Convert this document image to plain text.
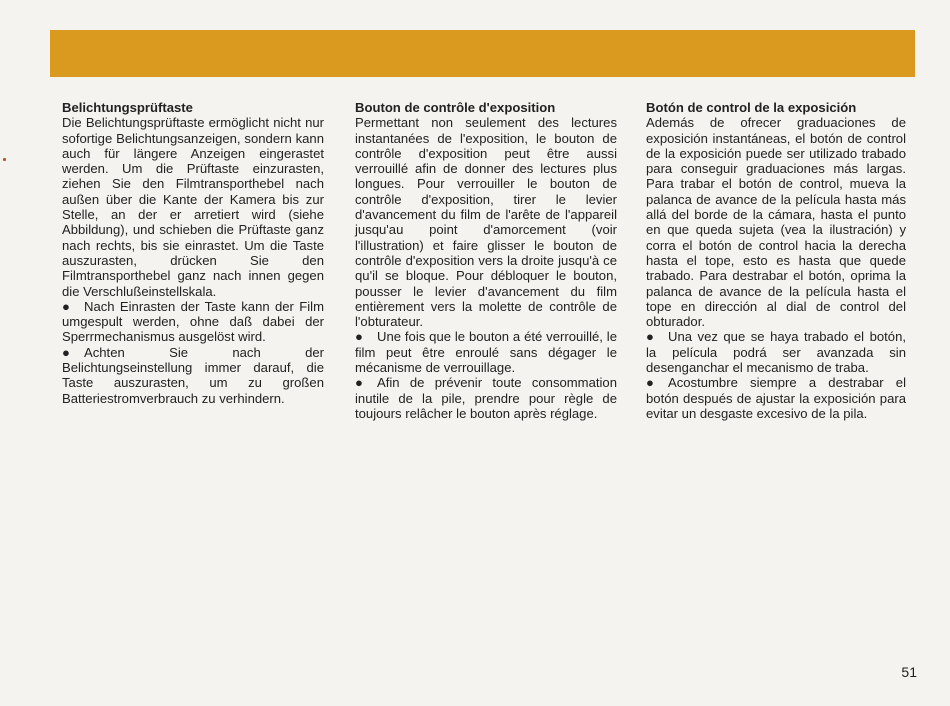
Belichtungsprüftaste
Die Belichtungsprüftaste ermöglicht nicht nur sofortige Belichtungsanzeigen, sondern kann auch für längere Anzeigen eingerastet werden. Um die Prüftaste einzurasten, ziehen Sie den Filmtransporthebel nach außen über die Kante der Kamera bis zur Stelle, an der er arretiert wird (siehe Abbildung), und schieben die Prüftaste ganz nach rechts, bis sie einrastet. Um die Taste auszurasten, drücken Sie den Filmtransporthebel ganz nach innen gegen die Verschlußeinstellskala.
● Nach Einrasten der Taste kann der Film umgespult werden, ohne daß dabei der Sperrmechanismus ausgelöst wird.
● Achten Sie nach der Belichtungseinstellung immer darauf, die Taste auszurasten, um zu großen Batteriestromverbrauch zu verhindern.
Bouton de contrôle d'exposition
Permettant non seulement des lectures instantanées de l'exposition, le bouton de contrôle d'exposition peut être aussi verrouillé afin de donner des lectures plus longues. Pour verrouiller le bouton de contrôle d'exposition, tirer le levier d'avancement du film de l'arête de l'appareil jusqu'au point d'amorcement (voir l'illustration) et faire glisser le bouton de contrôle d'exposition vers la droite jusqu'à ce qu'il se bloque. Pour débloquer le bouton, pousser le levier d'avancement du film entièrement vers la molette de contrôle de l'obturateur.
● Une fois que le bouton a été verrouillé, le film peut être enroulé sans dégager le mécanisme de verrouillage.
● Afin de prévenir toute consommation inutile de la pile, prendre pour règle de toujours relâcher le bouton après réglage.
Botón de control de la exposición
Además de ofrecer graduaciones de exposición instantáneas, el botón de control de la exposición puede ser utilizado trabado para conseguir graduaciones más largas. Para trabar el botón de control, mueva la palanca de avance de la película hasta más allá del borde de la cámara, hasta el punto en que queda sujeta (vea la ilustración) y corra el botón de control hacia la derecha hasta el tope, esto es hasta que quede trabado. Para destrabar el botón, oprima la palanca de avance de la película hasta el tope en dirección al dial de control del obturador.
● Una vez que se haya trabado el botón, la película podrá ser avanzada sin desenganchar el mecanismo de traba.
● Acostumbre siempre a destrabar el botón después de ajustar la exposición para evitar un desgaste excesivo de la pila.
51
